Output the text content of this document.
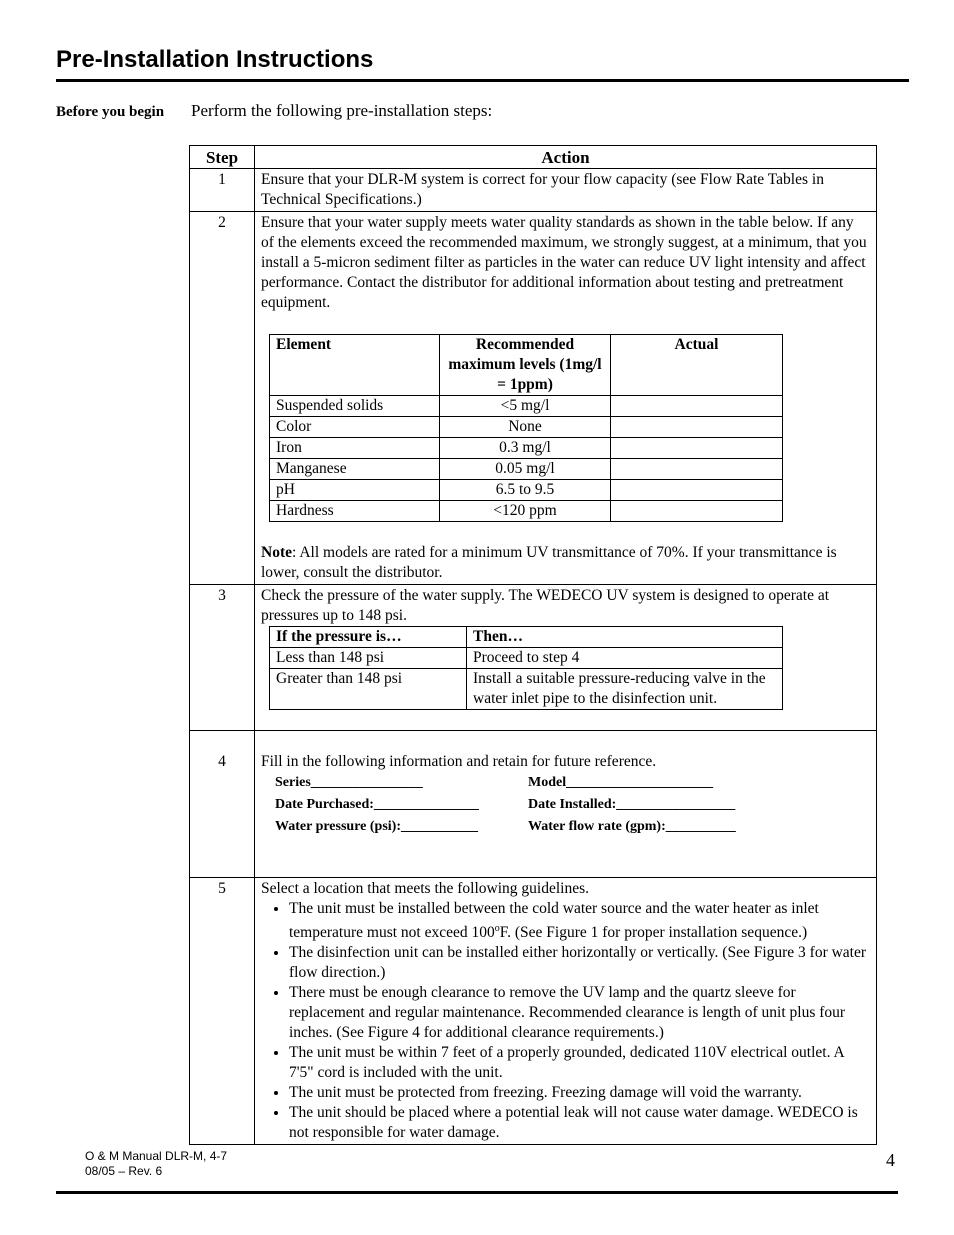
Pre-Installation Instructions
Before you begin Perform the following pre-installation steps:
Step	Action
1	Ensure that your DLR-M system is correct for your flow capacity (see Flow Rate Tables in Technical Specifications.)
2	Ensure that your water supply meets water quality standards as shown in the table below. If any of the elements exceed the recommended maximum, we strongly suggest, at a minimum, that you install a 5-micron sediment filter as particles in the water can reduce UV light intensity and affect performance. Contact the distributor for additional information about testing and pretreatment equipment.

Element	Recommended maximum levels (1mg/l = 1ppm)	Actual
Suspended solids	<5 mg/l	
Color	None	
Iron	0.3 mg/l	
Manganese	0.05 mg/l	
pH	6.5 to 9.5	
Hardness	<120 ppm	

Note: All models are rated for a minimum UV transmittance of 70%. If your transmittance is lower, consult the distributor.

3	Check the pressure of the water supply. The WEDECO UV system is designed to operate at pressures up to 148 psi.

If the pressure is…	Then…
Less than 148 psi	Proceed to step 4
Greater than 148 psi	Install a suitable pressure-reducing valve in the water inlet pipe to the disinfection unit.

4	Fill in the following information and retain for future reference.

Series________________	Model_____________________
Date Purchased:_______________	Date Installed:_________________
Water pressure (psi):___________	Water flow rate (gpm):__________

5	Select a location that meets the following guidelines.

• The unit must be installed between the cold water source and the water heater as inlet temperature must not exceed 100$^o$F. (See Figure 1 for proper installation sequence.)
• The disinfection unit can be installed either horizontally or vertically. (See Figure 3 for water flow direction.)
• There must be enough clearance to remove the UV lamp and the quartz sleeve for replacement and regular maintenance. Recommended clearance is length of unit plus four inches. (See Figure 4 for additional clearance requirements.)
• The unit must be within 7 feet of a properly grounded, dedicated 110V electrical outlet. A 7'5" cord is included with the unit.
• The unit must be protected from freezing. Freezing damage will void the warranty.
• The unit should be placed where a potential leak will not cause water damage. WEDECO is not responsible for water damage.
O & M Manual DLR-M, 4-7
08/05 – Rev. 6
4
